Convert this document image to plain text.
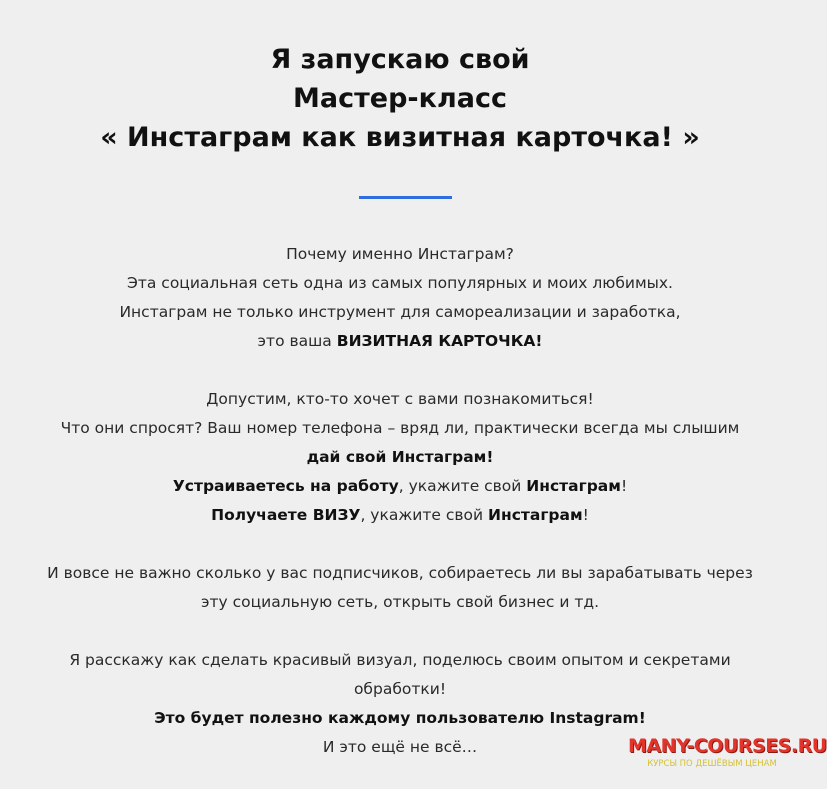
Я запускаю свой
Мастер-класс
« Инстаграм как визитная карточка! »
Почему именно Инстаграм?
Эта социальная сеть одна из самых популярных и моих любимых.
Инстаграм не только инструмент для самореализации и заработка,
это ваша ВИЗИТНАЯ КАРТОЧКА!
Допустим, кто-то хочет с вами познакомиться!
Что они спросят? Ваш номер телефона – вряд ли, практически всегда мы слышим
дай свой Инстаграм!
Устраиваетесь на работу, укажите свой Инстаграм!
Получаете ВИЗУ, укажите свой Инстаграм!
И вовсе не важно сколько у вас подписчиков, собираетесь ли вы зарабатывать через
эту социальную сеть, открыть свой бизнес и тд.
Я расскажу как сделать красивый визуал, поделюсь своим опытом и секретами
обработки!
Это будет полезно каждому пользователю Instagram!
И это ещё не всё…	MANY-COURSES.RU
КУРСЫ ПО ДЕШЁВЫМ ЦЕНАМ
